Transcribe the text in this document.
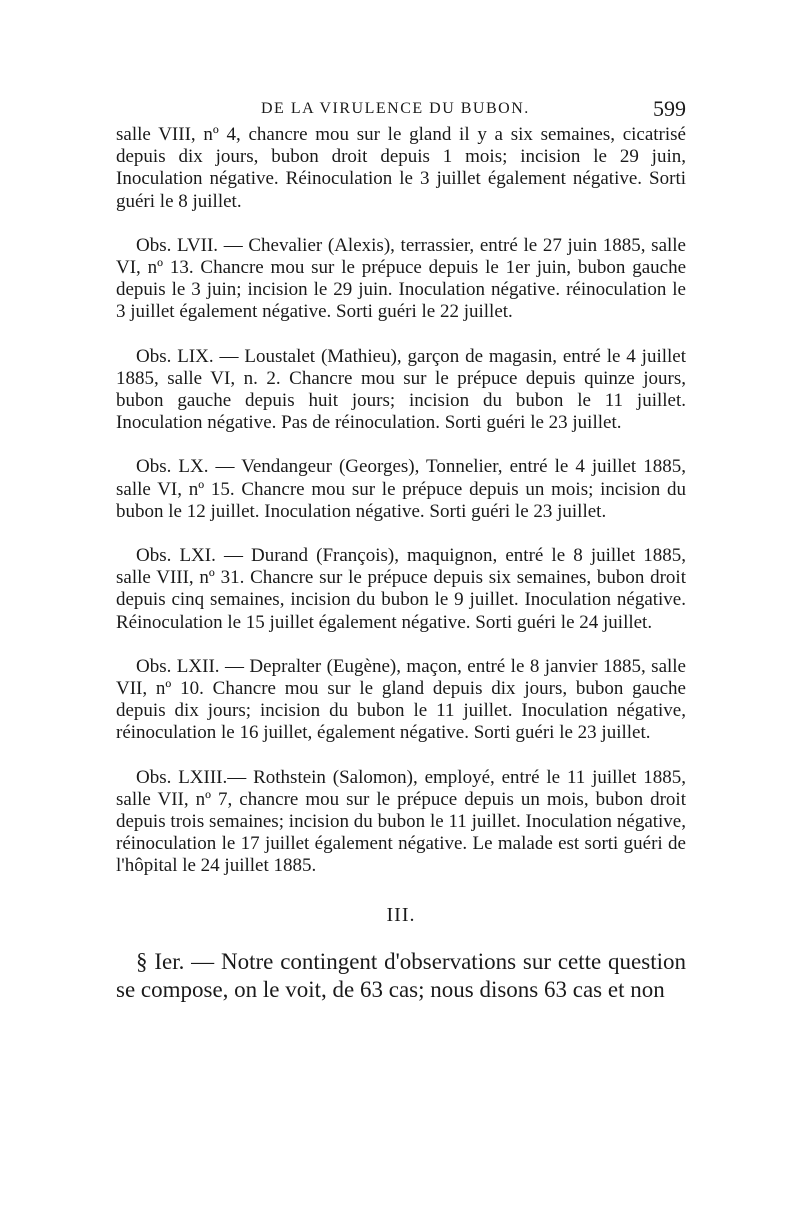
DE LA VIRULENCE DU BUBON.	599

salle VIII, nº 4, chancre mou sur le gland il y a six semaines, cicatrisé depuis dix jours, bubon droit depuis 1 mois; incision le 29 juin, Inoculation négative. Réinoculation le 3 juillet également négative. Sorti guéri le 8 juillet.

Obs. LVII. — Chevalier (Alexis), terrassier, entré le 27 juin 1885, salle VI, nº 13. Chancre mou sur le prépuce depuis le 1er juin, bubon gauche depuis le 3 juin; incision le 29 juin. Inoculation négative. réinoculation le 3 juillet également négative. Sorti guéri le 22 juillet.

Obs. LIX. — Loustalet (Mathieu), garçon de magasin, entré le 4 juillet 1885, salle VI, n. 2. Chancre mou sur le prépuce depuis quinze jours, bubon gauche depuis huit jours; incision du bubon le 11 juillet. Inoculation négative. Pas de réinoculation. Sorti guéri le 23 juillet.

Obs. LX. — Vendangeur (Georges), Tonnelier, entré le 4 juillet 1885, salle VI, nº 15. Chancre mou sur le prépuce depuis un mois; incision du bubon le 12 juillet. Inoculation négative. Sorti guéri le 23 juillet.

Obs. LXI. — Durand (François), maquignon, entré le 8 juillet 1885, salle VIII, nº 31. Chancre sur le prépuce depuis six semaines, bubon droit depuis cinq semaines, incision du bubon le 9 juillet. Inoculation négative. Réinoculation le 15 juillet également négative. Sorti guéri le 24 juillet.

Obs. LXII. — Depralter (Eugène), maçon, entré le 8 janvier 1885, salle VII, nº 10. Chancre mou sur le gland depuis dix jours, bubon gauche depuis dix jours; incision du bubon le 11 juillet. Inoculation négative, réinoculation le 16 juillet, également négative. Sorti guéri le 23 juillet.

Obs. LXIII.— Rothstein (Salomon), employé, entré le 11 juillet 1885, salle VII, nº 7, chancre mou sur le prépuce depuis un mois, bubon droit depuis trois semaines; incision du bubon le 11 juillet. Inoculation négative, réinoculation le 17 juillet également négative. Le malade est sorti guéri de l'hôpital le 24 juillet 1885.

III.

§ Ier. — Notre contingent d'observations sur cette question se compose, on le voit, de 63 cas; nous disons 63 cas et non
